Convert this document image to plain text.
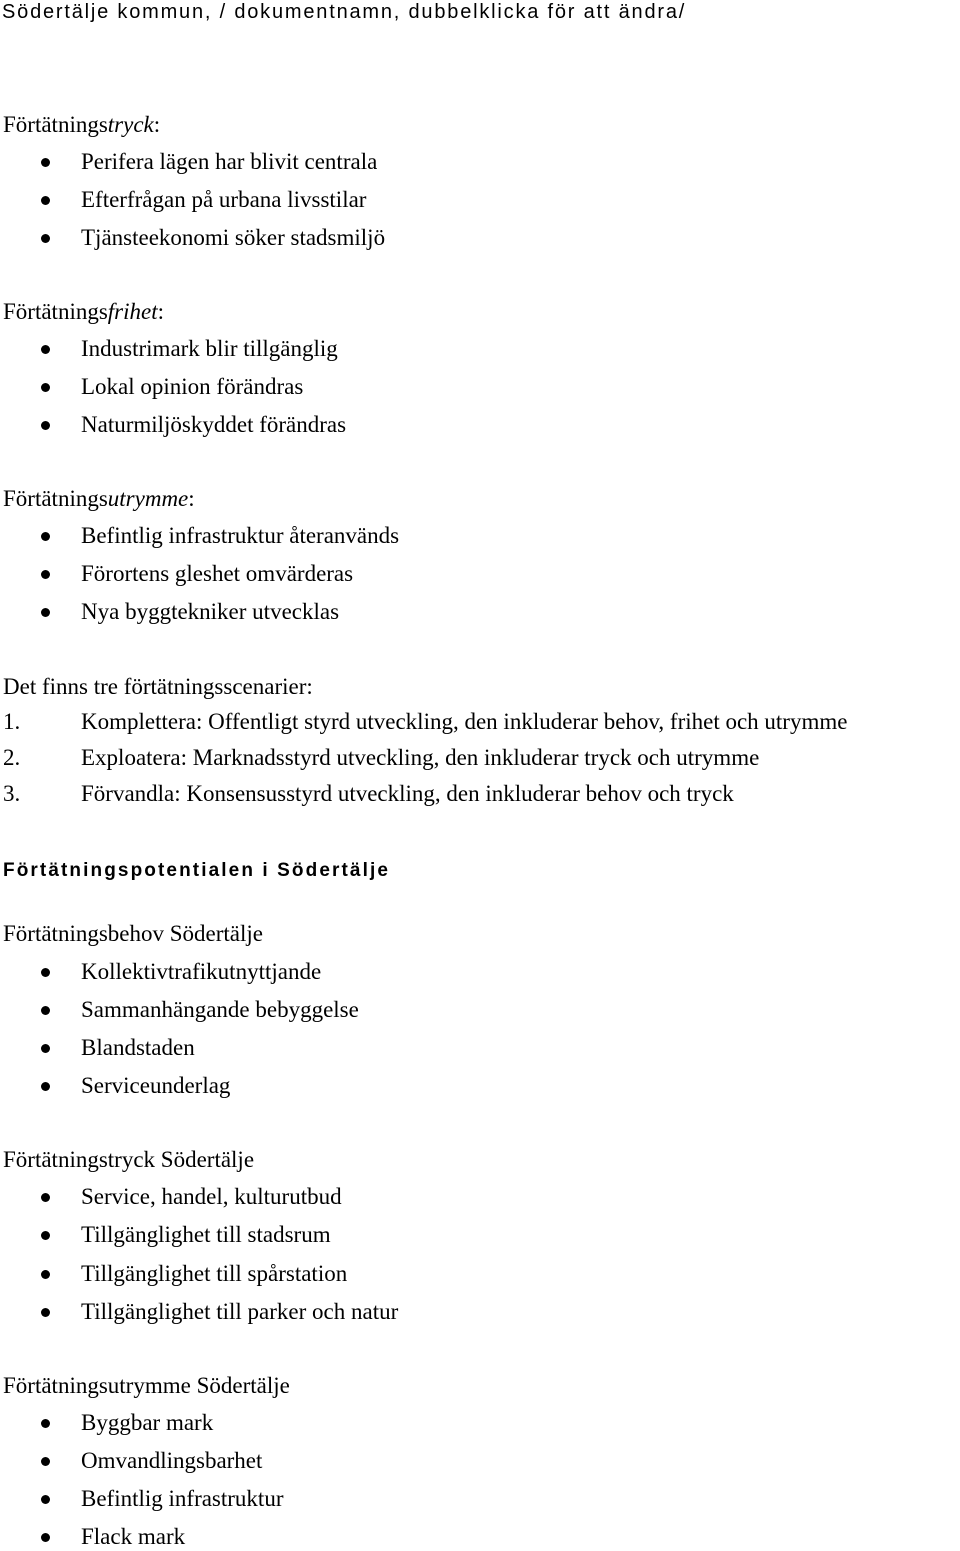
Södertälje kommun, / dokumentnamn, dubbelklicka för att ändra/
Förtätningstryck:
Perifera lägen har blivit centrala
Efterfrågan på urbana livsstilar
Tjänsteekonomi söker stadsmiljö
Förtätningsfrihet:
Industrimark blir tillgänglig
Lokal opinion förändras
Naturmiljöskyddet förändras
Förtätningsutrymme:
Befintlig infrastruktur återanvänds
Förortens gleshet omvärderas
Nya byggtekniker utvecklas
Det finns tre förtätningsscenarier:
1.	Komplettera: Offentligt styrd utveckling, den inkluderar behov, frihet och utrymme
2.	Exploatera: Marknadsstyrd utveckling, den inkluderar tryck och utrymme
3.	Förvandla: Konsensusstyrd utveckling, den inkluderar behov och tryck
Förtätningspotentialen i Södertälje
Förtätningsbehov Södertälje
Kollektivtrafikutnyttjande
Sammanhängande bebyggelse
Blandstaden
Serviceunderlag
Förtätningstryck Södertälje
Service, handel, kulturutbud
Tillgänglighet till stadsrum
Tillgänglighet till spårstation
Tillgänglighet till parker och natur
Förtätningsutrymme Södertälje
Byggbar mark
Omvandlingsbarhet
Befintlig infrastruktur
Flack mark
